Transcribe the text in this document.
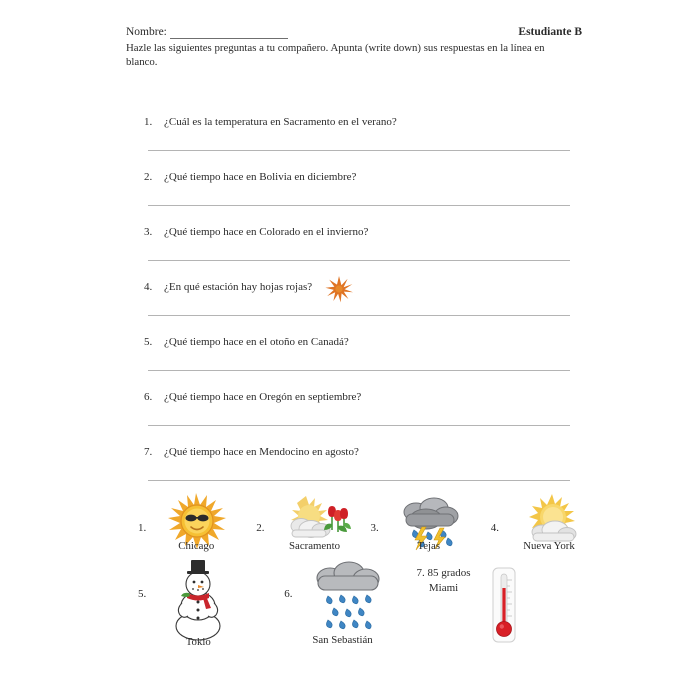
Nombre:	Estudiante B
Hazle las siguientes preguntas a tu compañero. Apunta (write down) sus respuestas en la línea en blanco.
1.	¿Cuál es la temperatura en Sacramento en el verano?
2.	¿Qué tiempo hace en Bolivia en diciembre?
3.	¿Qué tiempo hace en Colorado en el invierno?
4.	¿En qué estación hay hojas rojas?
5.	¿Qué tiempo hace en el otoño en Canadá?
6.	¿Qué tiempo hace en Oregón en septiembre?
7.	¿Qué tiempo hace en Mendocino en agosto?
1.
Chicago
2.
Sacramento
3.
Tejas
4.
Nueva York
5.
Tokio
6.
San Sebastián
7. 85 grados
Miami
